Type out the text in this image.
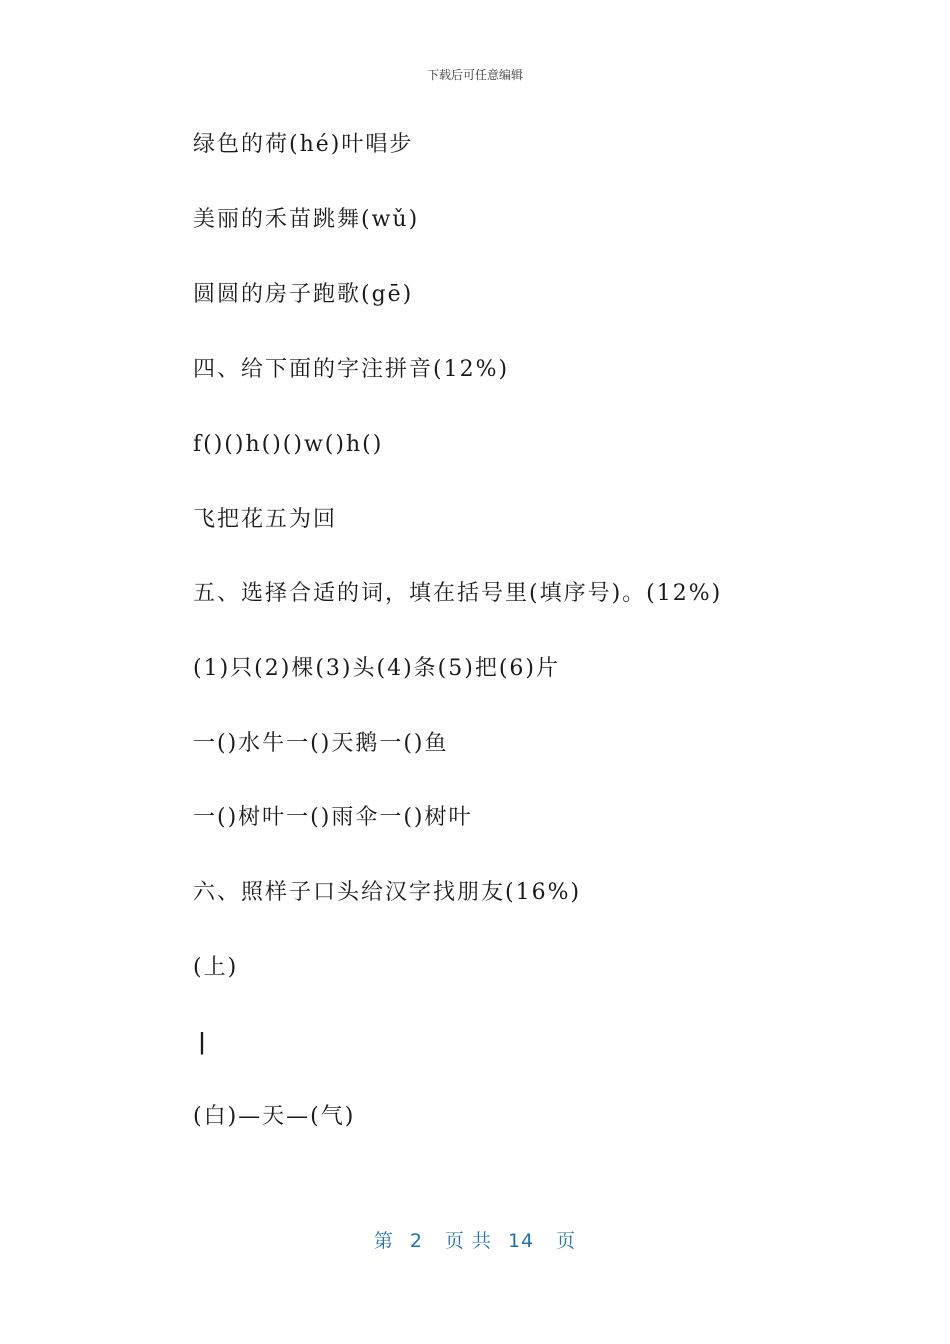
下载后可任意编辑
绿色的荷(hé)叶唱步
美丽的禾苗跳舞(wǔ)
圆圆的房子跑歌(gē)
四、给下面的字注拼音(12%)
f()()h()()w()h()
飞把花五为回
五、选择合适的词，填在括号里(填序号)。(12%)
(1)只(2)棵(3)头(4)条(5)把(6)片
一()水牛一()天鹅一()鱼
一()树叶一()雨伞一()树叶
六、照样子口头给汉字找朋友(16%)
(上)
|
(白)—天—(气)
第 2 页 共 14 页
